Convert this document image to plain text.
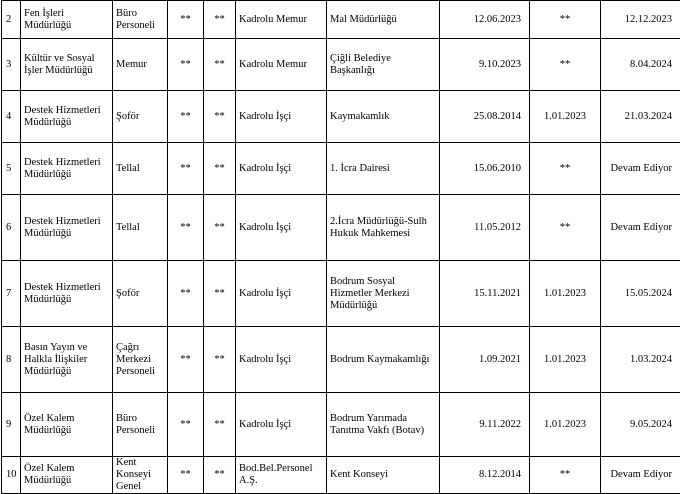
2	Fen İşleri Müdürlüğü	Büro Personeli	**	**	Kadrolu Memur	Mal Müdürlüğü	12.06.2023	**	12.12.2023
3	Kültür ve Sosyal İşler Müdürlüğü	Memur	**	**	Kadrolu Memur	Çiğli Belediye Başkanlığı	9.10.2023	**	8.04.2024
4	Destek Hizmetleri Müdürlüğü	Şoför	**	**	Kadrolu İşçi	Kaymakamlık	25.08.2014	1.01.2023	21.03.2024
5	Destek Hizmetleri Müdürlüğü	Tellal	**	**	Kadrolu İşçi	1. İcra Dairesi	15.06.2010	**	Devam Ediyor
6	Destek Hizmetleri Müdürlüğü	Tellal	**	**	Kadrolu İşçi	2.İcra Müdürlüğü-Sulh Hukuk Mahkemesi	11.05.2012	**	Devam Ediyor
7	Destek Hizmetleri Müdürlüğü	Şoför	**	**	Kadrolu İşçi	Bodrum Sosyal Hizmetler Merkezi Müdürlüğü	15.11.2021	1.01.2023	15.05.2024
8	Basın Yayın ve Halkla İlişkiler Müdürlüğü	Çağrı Merkezi Personeli	**	**	Kadrolu İşçi	Bodrum Kaymakamlığı	1.09.2021	1.01.2023	1.03.2024
9	Özel Kalem Müdürlüğü	Büro Personeli	**	**	Kadrolu İşçi	Bodrum Yarımada Tanıtma Vakfı (Botav)	9.11.2022	1.01.2023	9.05.2024
10	Özel Kalem Müdürlüğü	Kent Konseyi Genel	**	**	Bod.Bel.Personel A.Ş.	Kent Konseyi	8.12.2014	**	Devam Ediyor
